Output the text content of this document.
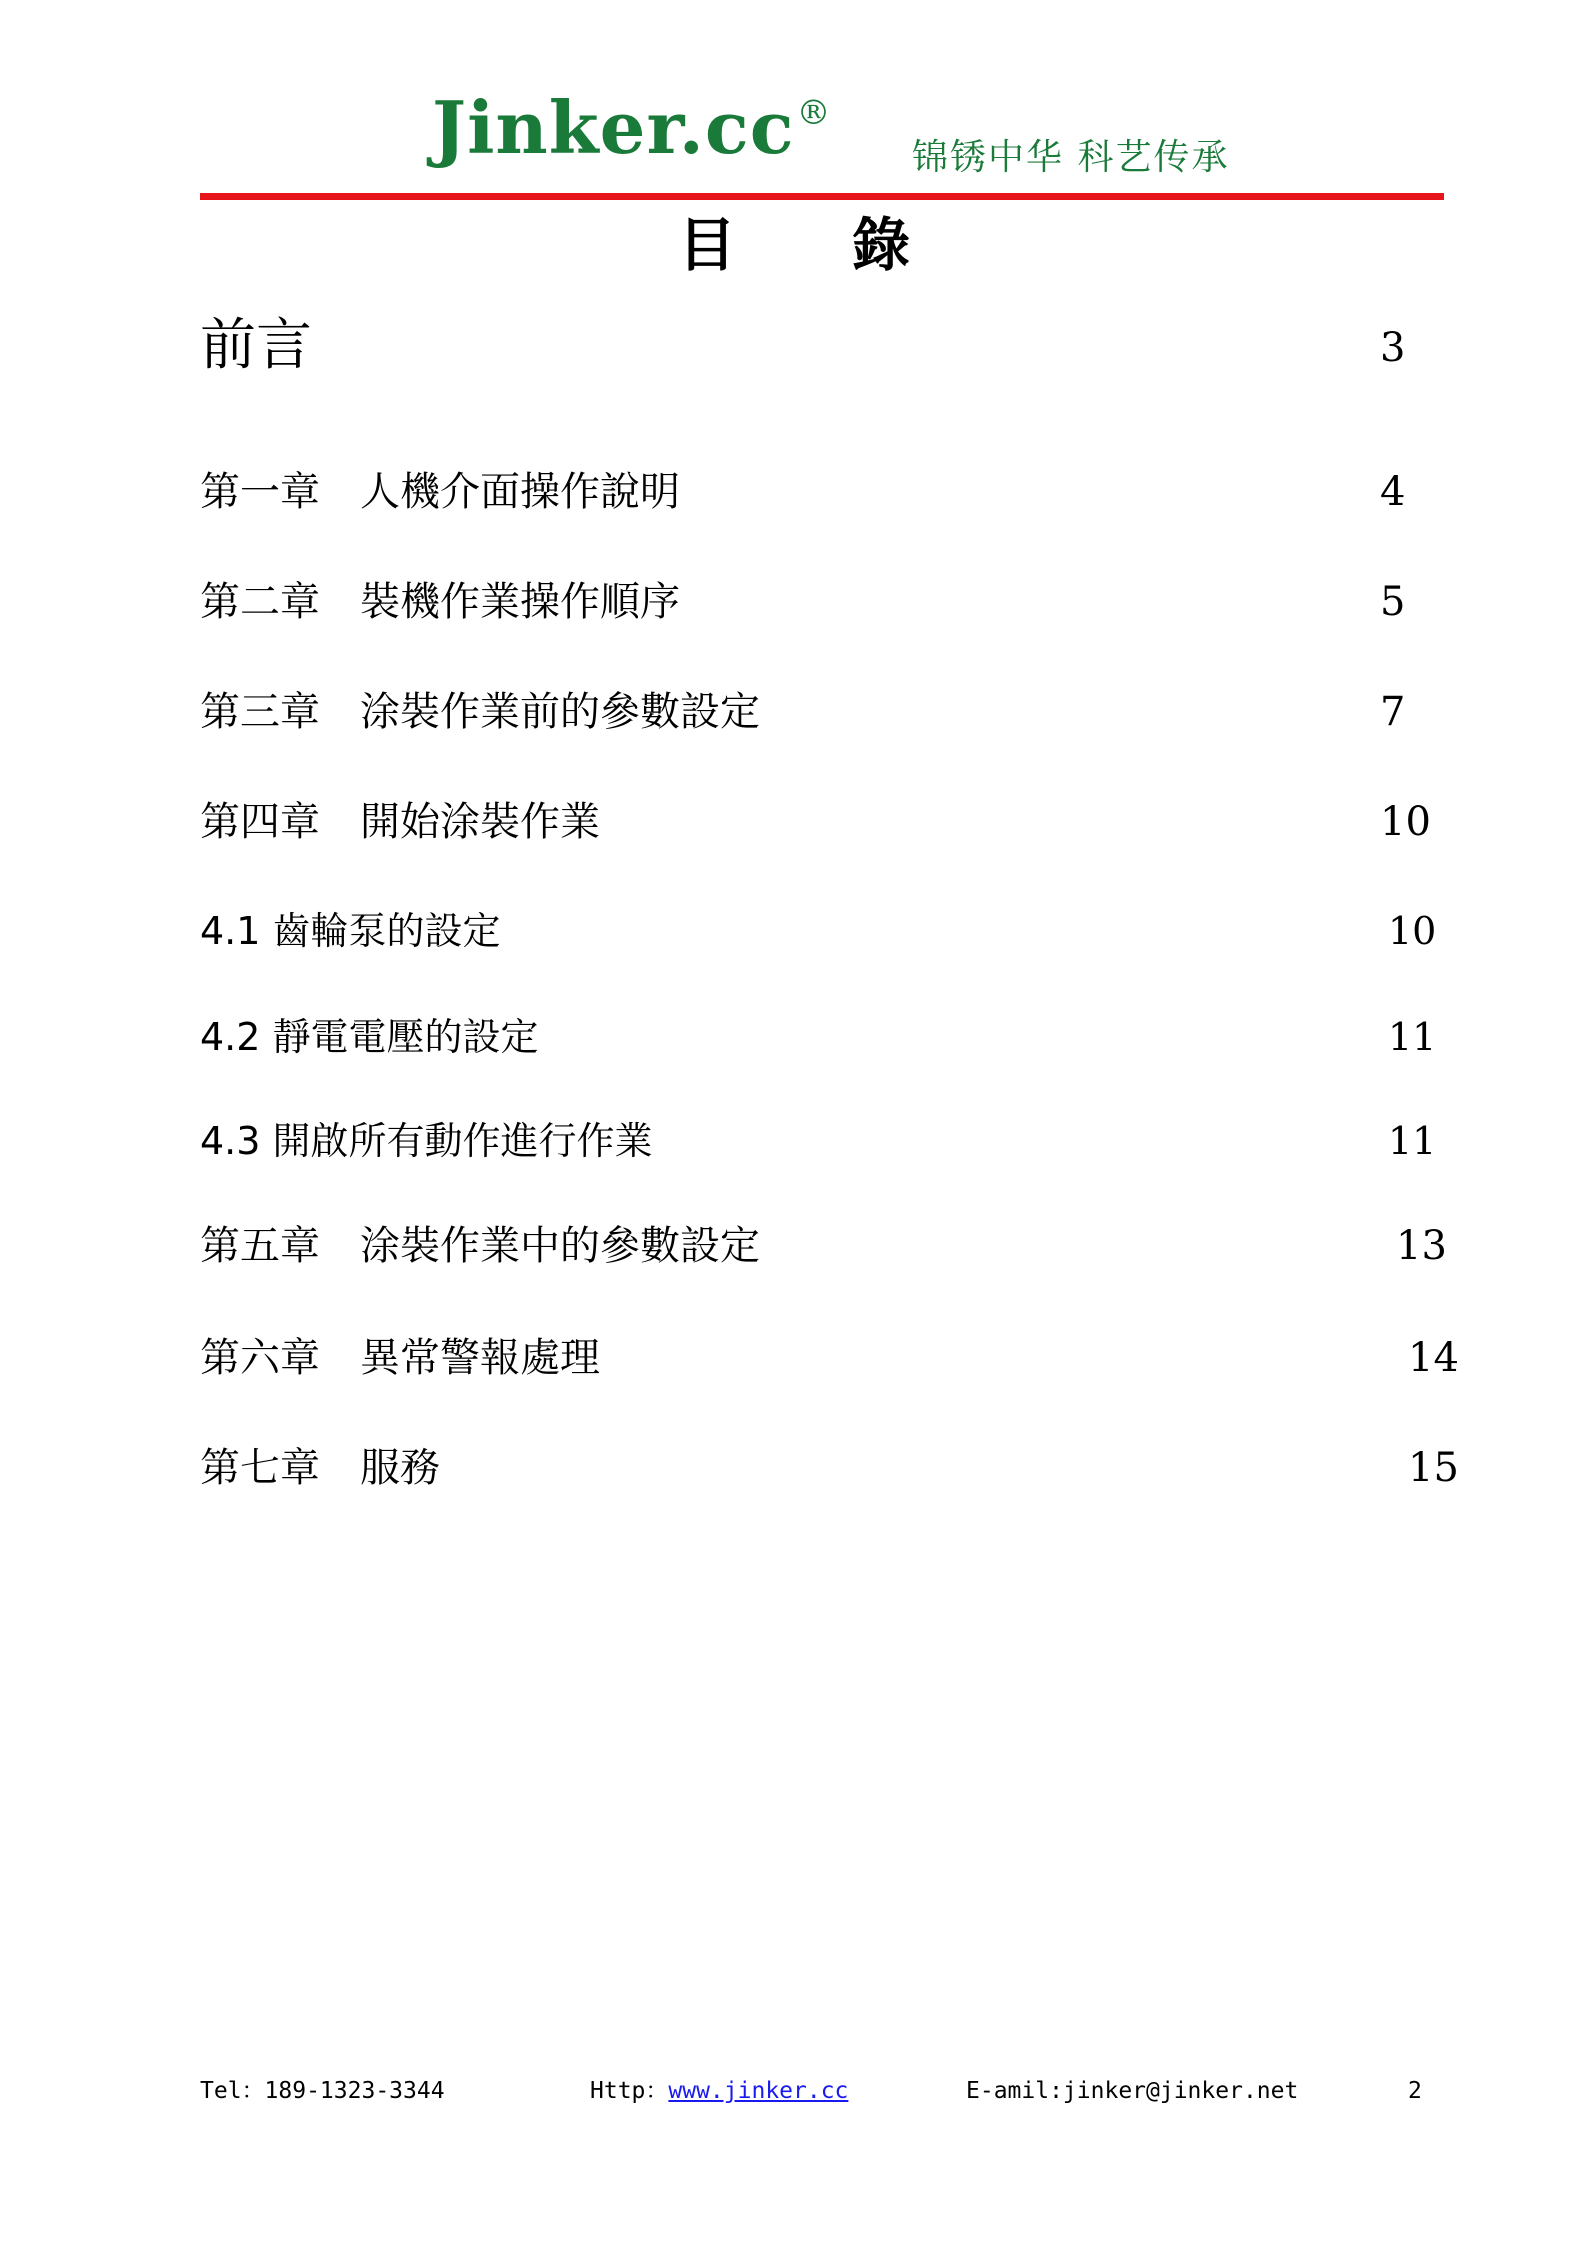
Jinker.cc®
锦锈中华 科艺传承
目　　錄
前言	3
第一章　人機介面操作說明	4
第二章　裝機作業操作順序	5
第三章　涂裝作業前的參數設定	7
第四章　開始涂裝作業	10
4.1 齒輪泵的設定	10
4.2 靜電電壓的設定	11
4.3 開啟所有動作進行作業	11
第五章　涂裝作業中的參數設定	13
第六章　異常警報處理	14
第七章　服務	15
Tel：189-1323-3344	Http：www.jinker.cc	E-amil:jinker@jinker.net	2
